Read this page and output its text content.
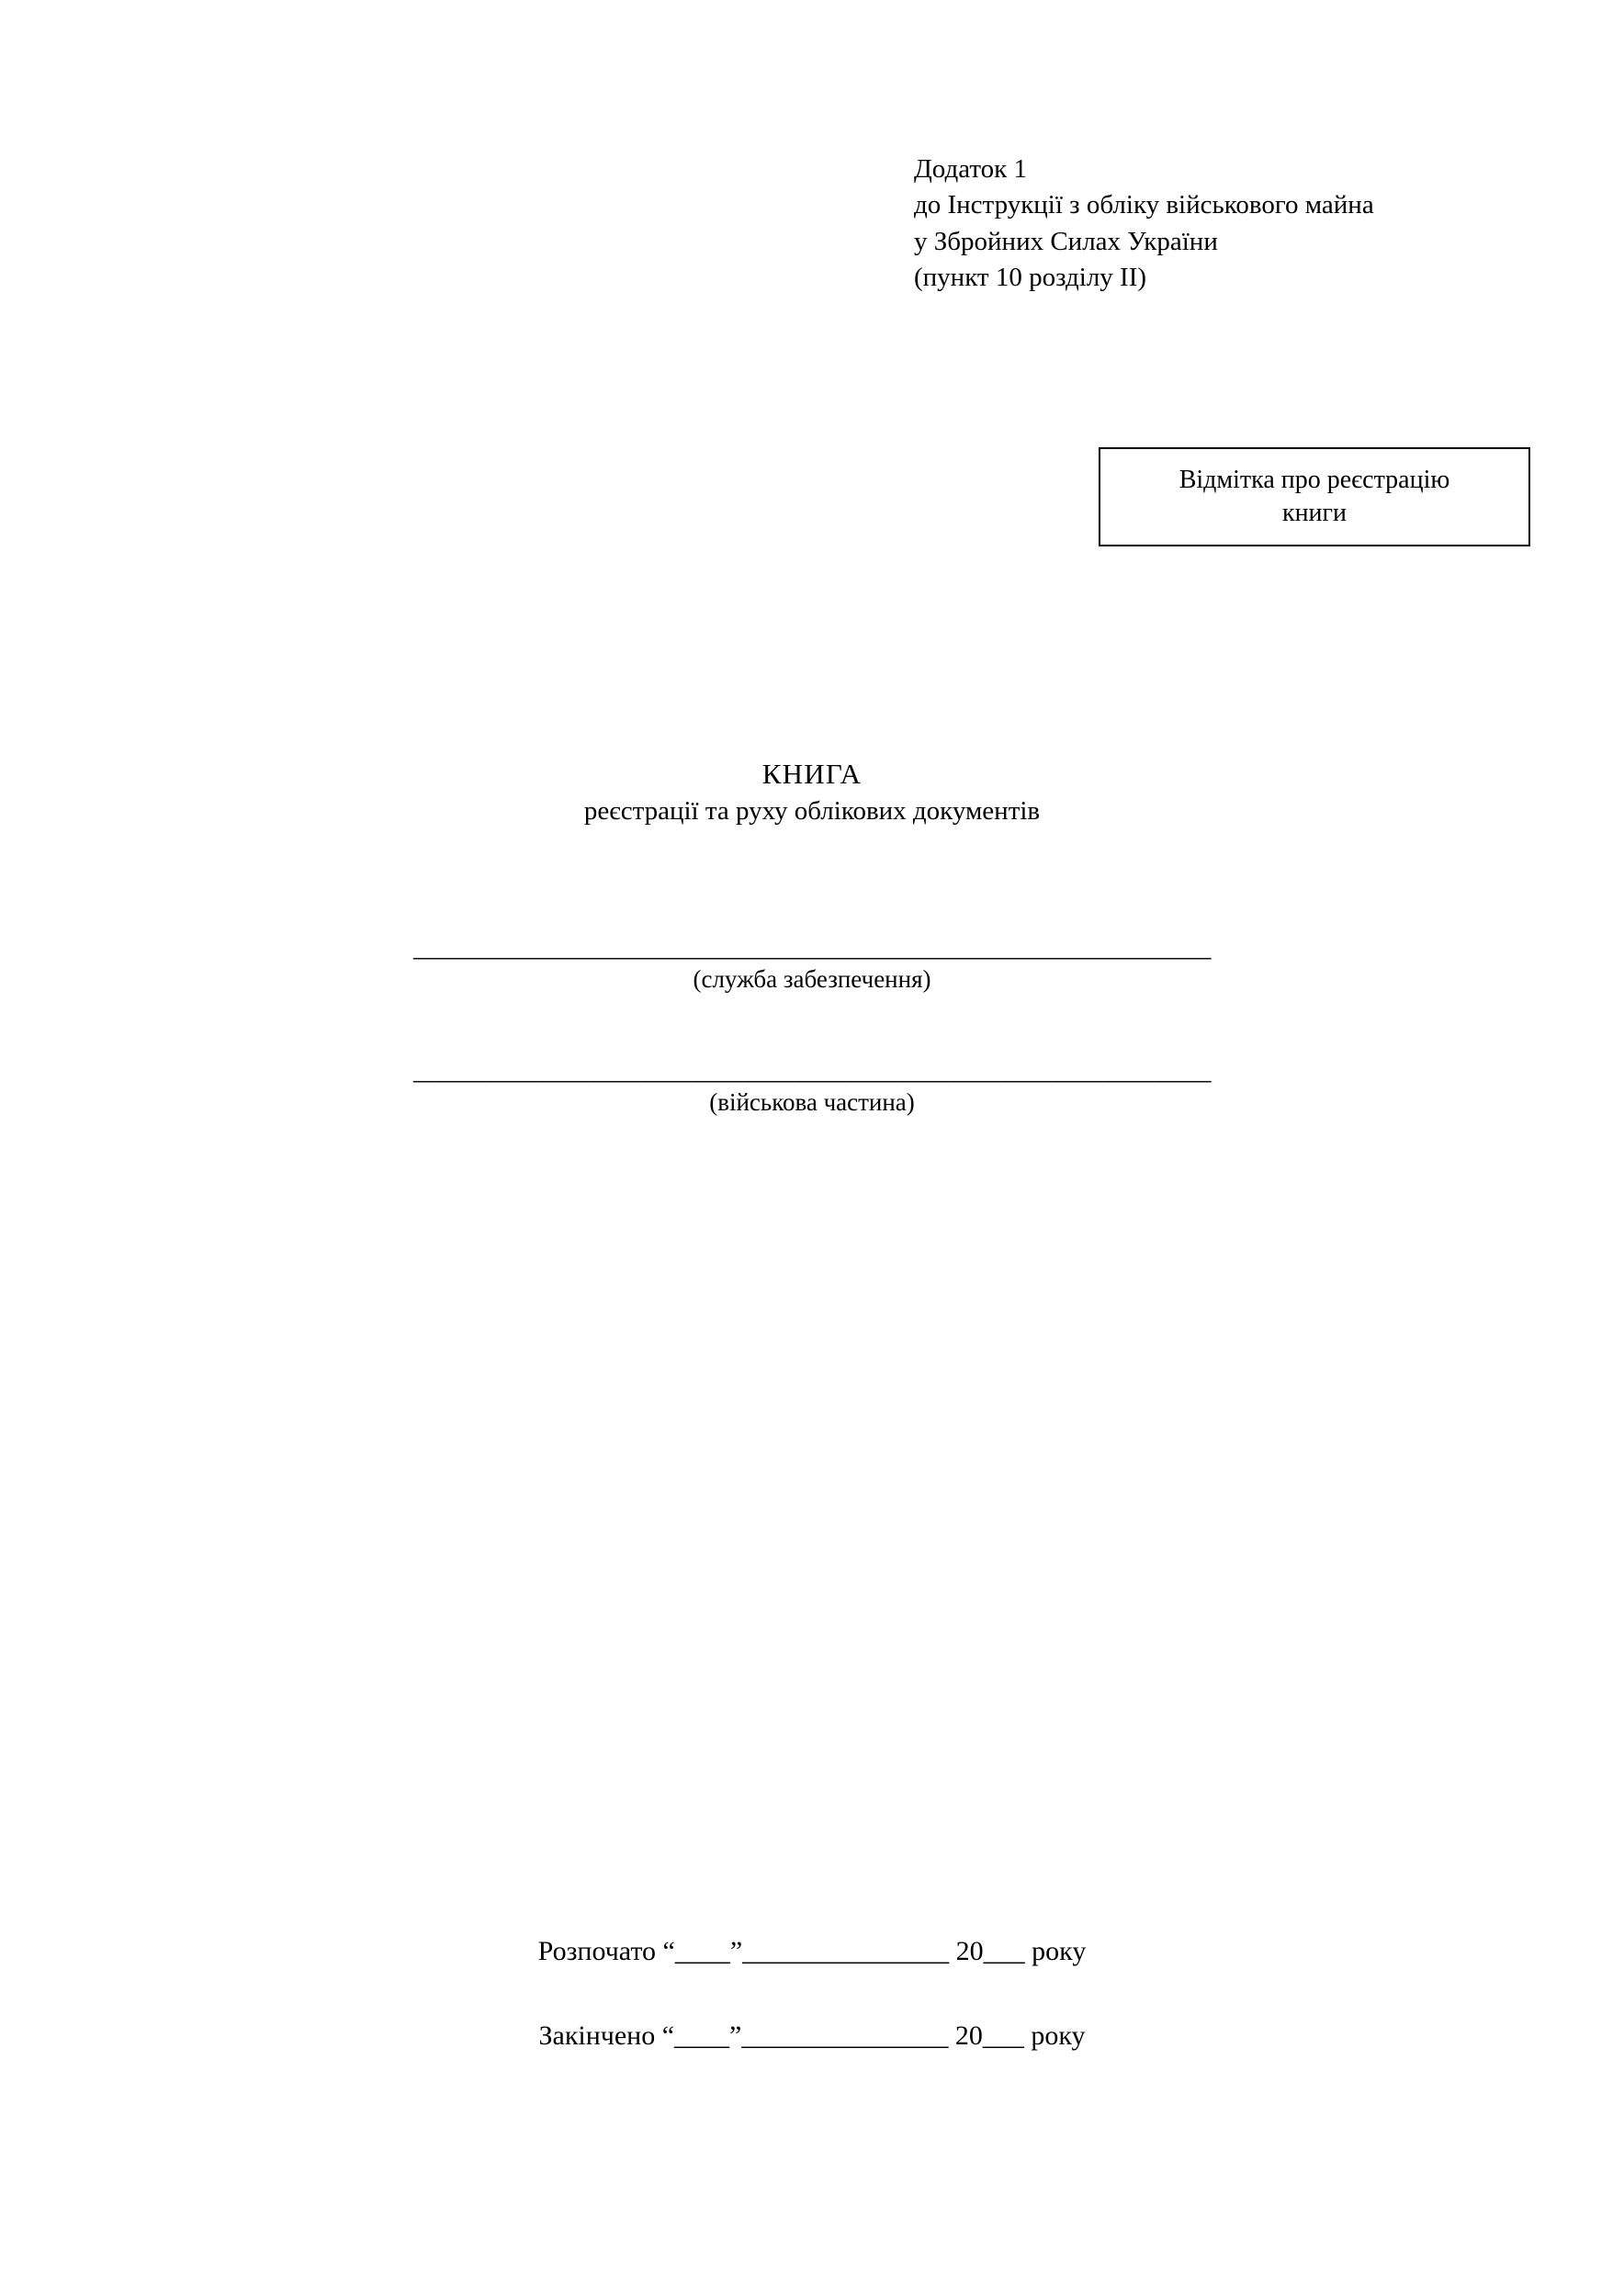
Додаток 1
до Інструкції з обліку військового майна
у Збройних Силах України
(пункт 10 розділу II)
Відмітка про реєстрацію
книги
КНИГА
реєстрації та руху облікових документів
______________________________________________________________
(служба забезпечення)
______________________________________________________________
(військова частина)
Розпочато “____”_______________ 20___ року
Закінчено “____”_______________ 20___ року
